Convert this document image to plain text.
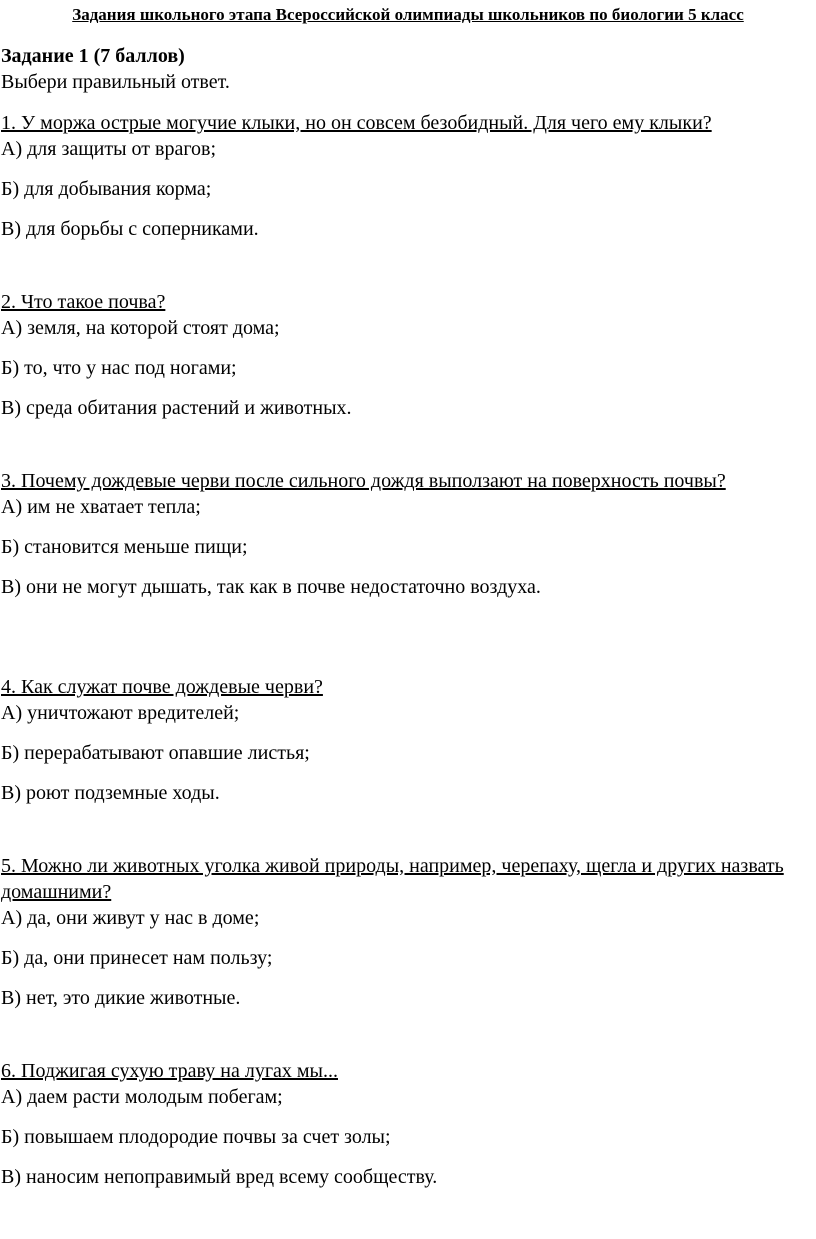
Задания школьного этапа Всероссийской олимпиады школьников по биологии 5 класс
Задание 1 (7 баллов)
Выбери правильный ответ.
1. У моржа острые могучие клыки, но он совсем безобидный. Для чего ему клыки?
А) для защиты от врагов;
Б) для добывания корма;
В) для борьбы с соперниками.
2. Что такое почва?
А) земля, на которой стоят дома;
Б) то, что у нас под ногами;
В) среда обитания растений и животных.
3. Почему дождевые черви после сильного дождя выползают на поверхность почвы?
А) им не хватает тепла;
Б) становится меньше пищи;
В) они не могут дышать, так как в почве недостаточно воздуха.
4. Как служат почве дождевые черви?
А) уничтожают вредителей;
Б) перерабатывают опавшие листья;
В) роют подземные ходы.
5. Можно ли животных уголка живой природы, например, черепаху, щегла и других назвать домашними?
А) да, они живут у нас в доме;
Б) да, они принесет нам пользу;
В) нет, это дикие животные.
6. Поджигая сухую траву на лугах мы...
А) даем расти молодым побегам;
Б) повышаем плодородие почвы за счет золы;
В) наносим непоправимый вред всему сообществу.
